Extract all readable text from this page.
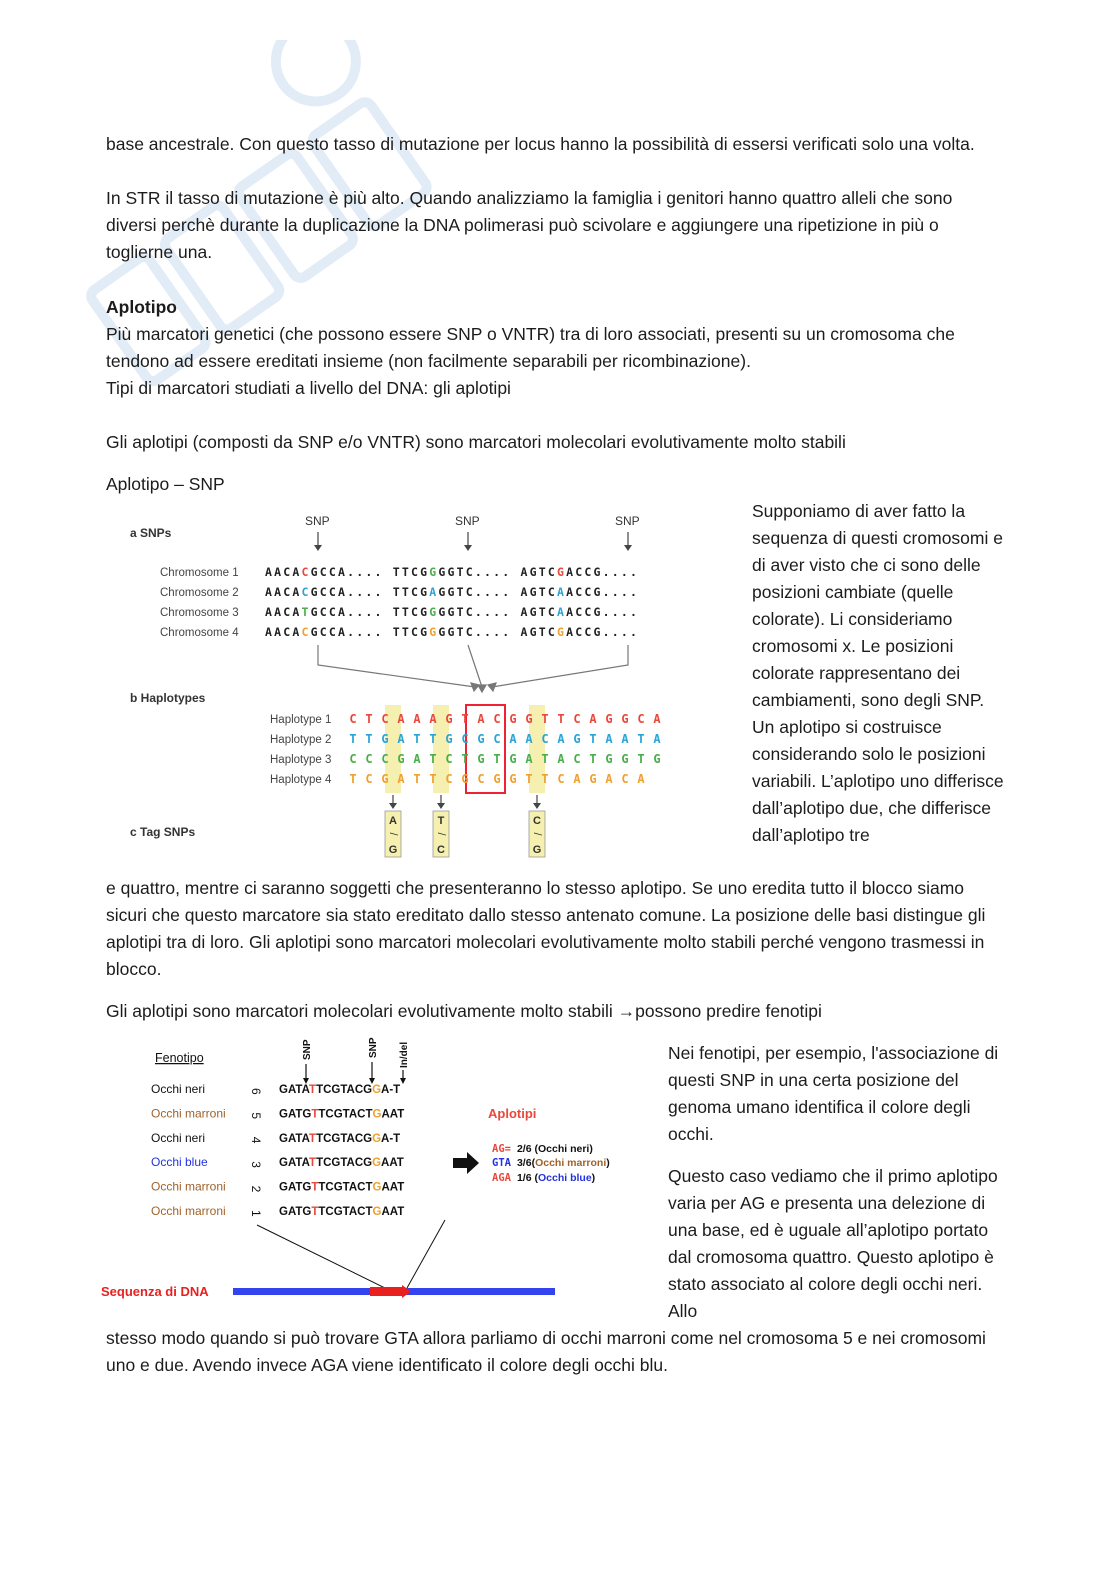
base ancestrale. Con questo tasso di mutazione per locus hanno la possibilità di essersi verificati solo una volta.
In STR il tasso di mutazione è più alto. Quando analizziamo la famiglia i genitori hanno quattro alleli che sono diversi perchè durante la duplicazione la DNA polimerasi può scivolare e aggiungere una ripetizione in più o toglierne una.
Aplotipo
Più marcatori genetici (che possono essere SNP o VNTR) tra di loro associati, presenti su un cromosoma che tendono ad essere ereditati insieme (non facilmente separabili per ricombinazione).
Tipi di marcatori studiati a livello del DNA: gli aplotipi
Gli aplotipi (composti da SNP e/o VNTR) sono marcatori molecolari evolutivamente molto stabili
Aplotipo – SNP
a SNPs
b Haplotypes
c Tag SNPs
SNP	SNP	SNP
Chromosome 1 AACACGCCA.... TTCGGGGTC.... AGTCGACCG....
Chromosome 2 AACACGCCA.... TTCGAGGTC.... AGTCAACCG....
Chromosome 3 AACATGCCA.... TTCGGGGTC.... AGTCAACCG....
Chromosome 4 AACACGCCA.... TTCGGGGTC.... AGTCGACCG....
Haplotype 1 C T C A A A G T A C G G T T C A G G C A
Haplotype 2 T T G A T T G C G C A A C A G T A A T A
Haplotype 3 C C C G A T C T G T G A T A C T G G T G
Haplotype 4 T C G A T T C G C G G T T C A G A C A
A
/
G
T
/
C
C
/
G
Supponiamo di aver fatto la sequenza di questi cromosomi e di aver visto che ci sono delle posizioni cambiate (quelle colorate). Li consideriamo cromosomi x. Le posizioni colorate rappresentano dei cambiamenti, sono degli SNP. Un aplotipo si costruisce considerando solo le posizioni variabili. L’aplotipo uno differisce dall’aplotipo due, che differisce dall’aplotipo tre
e quattro, mentre ci saranno soggetti che presenteranno lo stesso aplotipo. Se uno eredita tutto il blocco siamo sicuri che questo marcatore sia stato ereditato dallo stesso antenato comune. La posizione delle basi distingue gli aplotipi tra di loro. Gli aplotipi sono marcatori molecolari evolutivamente molto stabili perché vengono trasmessi in blocco.
Gli aplotipi sono marcatori molecolari evolutivamente molto stabili →possono predire fenotipi
Fenotipo	SNP	SNP In/del
Occhi neri	6 GATATTCGTACGGA-T
Occhi marroni 5 GATGTTCGTACTGAAT
Occhi neri	4 GATATTCGTACGGA-T
Occhi blue	3 GATATTCGTACGGAAT
Occhi marroni 2 GATGTTCGTACTGAAT
Occhi marroni 1 GATGTTCGTACTGAAT
Aplotipi
AG= 2/6 (Occhi neri)
GTA 3/6(Occhi marroni)
AGA 1/6 (Occhi blue)
Sequenza di DNA
Nei fenotipi, per esempio, l'associazione di questi SNP in una certa posizione del genoma umano identifica il colore degli occhi.
Questo caso vediamo che il primo aplotipo varia per AG e presenta una delezione di una base, ed è uguale all’aplotipo portato dal cromosoma quattro. Questo aplotipo è stato associato al colore degli occhi neri. Allo
stesso modo quando si può trovare GTA allora parliamo di occhi marroni come nel cromosoma 5 e nei cromosomi uno e due. Avendo invece AGA viene identificato il colore degli occhi blu.
